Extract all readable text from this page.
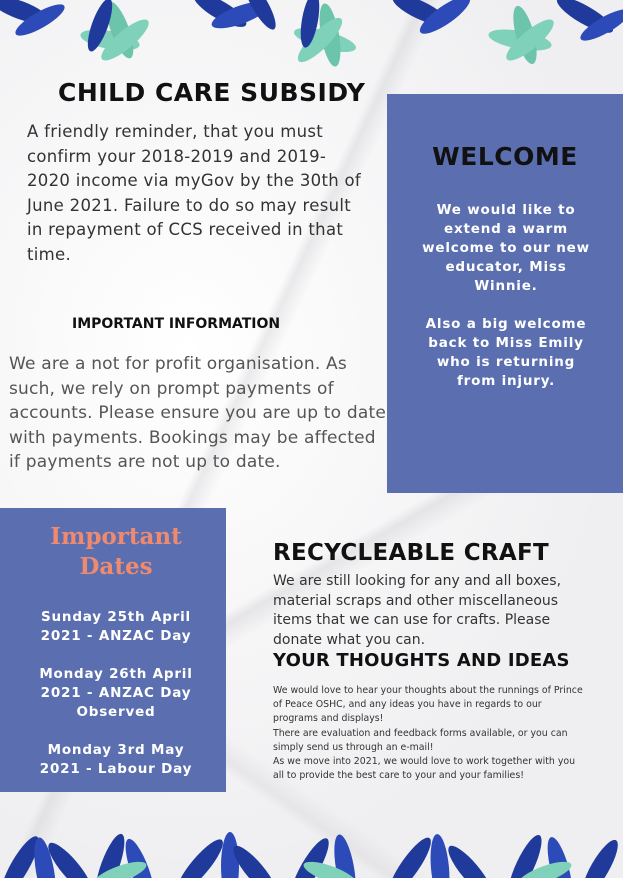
CHILD CARE SUBSIDY
A friendly reminder, that you must confirm your 2018-2019 and 2019-2020 income via myGov by the 30th of June 2021. Failure to do so may result in repayment of CCS received in that time.
IMPORTANT INFORMATION
We are a not for profit organisation. As such, we rely on prompt payments of accounts. Please ensure you are up to date with payments. Bookings may be affected if payments are not up to date.
WELCOME

We would like to extend a warm welcome to our new educator, Miss Winnie.

Also a big welcome back to Miss Emily who is returning from injury.

Important
Dates

Sunday 25th April 2021 - ANZAC Day

Monday 26th April 2021 - ANZAC Day Observed

Monday 3rd May 2021 - Labour Day

RECYCLEABLE CRAFT
We are still looking for any and all boxes, material scraps and other miscellaneous items that we can use for crafts. Please donate what you can.
YOUR THOUGHTS AND IDEAS

We would love to hear your thoughts about the runnings of Prince of Peace OSHC, and any ideas you have in regards to our programs and displays!

There are evaluation and feedback forms available, or you can simply send us through an e-mail!

As we move into 2021, we would love to work together with you all to provide the best care to your and your families!
